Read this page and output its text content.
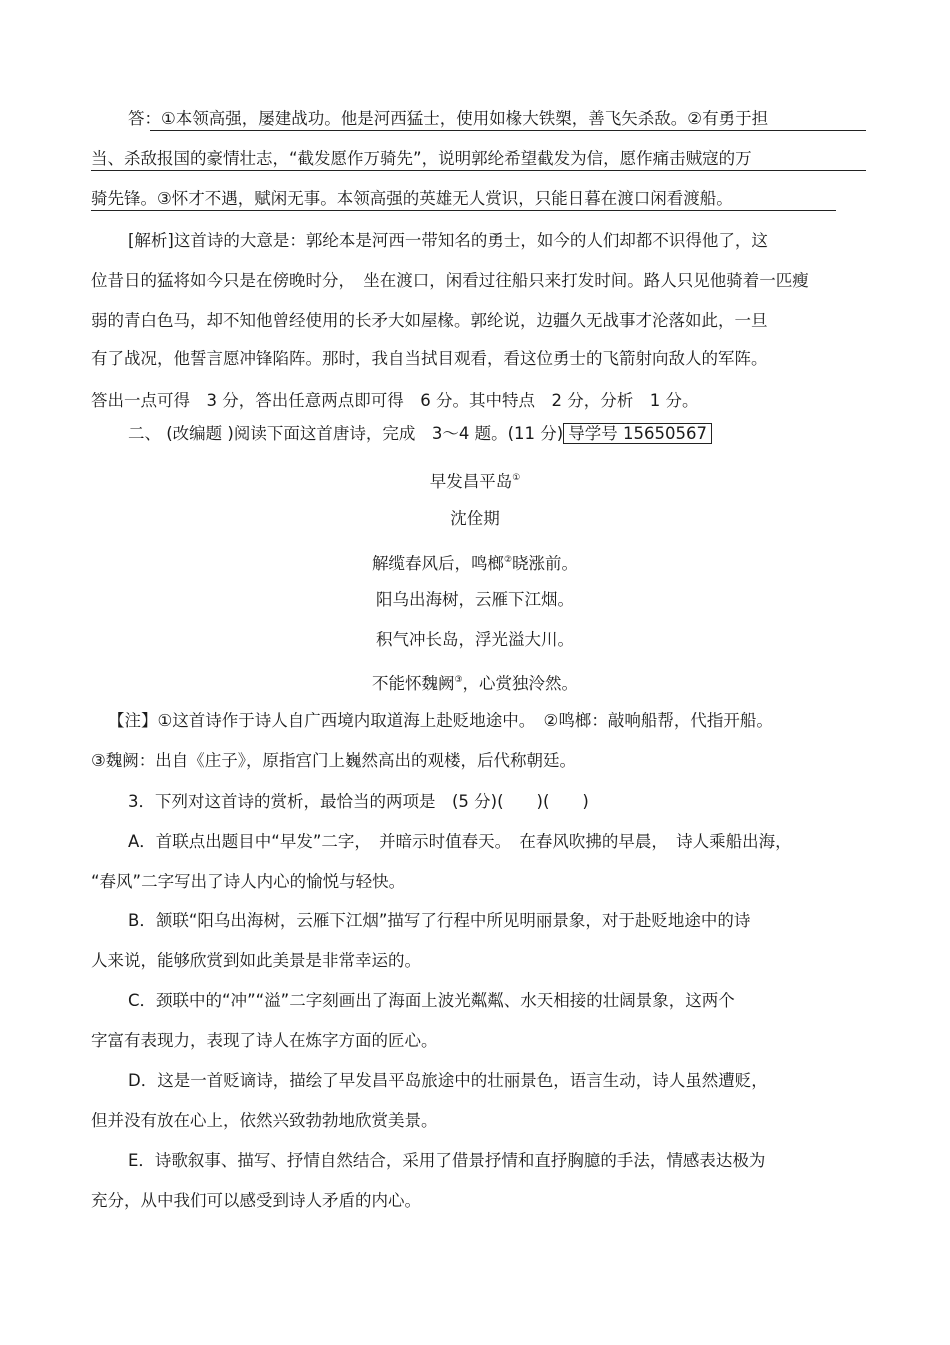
答：①本领高强，屡建战功。他是河西猛士，使用如椽大铁槊，善飞矢杀敌。②有勇于担
当、杀敌报国的豪情壮志，“截发愿作万骑先”，说明郭纶希望截发为信，愿作痛击贼寇的万
骑先锋。③怀才不遇，赋闲无事。本领高强的英雄无人赏识，只能日暮在渡口闲看渡船。
[解析]这首诗的大意是：郭纶本是河西一带知名的勇士，如今的人们却都不识得他了，这
位昔日的猛将如今只是在傍晚时分，　坐在渡口，闲看过往船只来打发时间。路人只见他骑着一匹瘦
弱的青白色马，却不知他曾经使用的长矛大如屋椽。郭纶说，边疆久无战事才沦落如此，一旦
有了战况，他誓言愿冲锋陷阵。那时，我自当拭目观看，看这位勇士的飞箭射向敌人的军阵。
答出一点可得　3 分，答出任意两点即可得　6 分。其中特点　2 分，分析　1 分。
二、 (改编题 )阅读下面这首唐诗，完成　3～4 题。(11 分) 导学号 15650567
早发昌平岛①
沈佺期
解缆春风后，鸣榔②晓涨前。
阳乌出海树，云雁下江烟。
积气冲长岛，浮光溢大川。
不能怀魏阙③，心赏独泠然。
【注】①这首诗作于诗人自广西境内取道海上赴贬地途中。　②鸣榔：敲响船帮，代指开船。
③魏阙：出自《庄子》，原指宫门上巍然高出的观楼，后代称朝廷。
3．下列对这首诗的赏析，最恰当的两项是　(5 分)(　　)(　　)
A．首联点出题目中“早发”二字，　并暗示时值春天。　在春风吹拂的早晨，　诗人乘船出海，
“春风”二字写出了诗人内心的愉悦与轻快。
B．颔联“阳乌出海树，云雁下江烟”描写了行程中所见明丽景象，对于赴贬地途中的诗
人来说，能够欣赏到如此美景是非常幸运的。
C．颈联中的“冲”“溢”二字刻画出了海面上波光粼粼、水天相接的壮阔景象，这两个
字富有表现力，表现了诗人在炼字方面的匠心。
D．这是一首贬谪诗，描绘了早发昌平岛旅途中的壮丽景色，语言生动，诗人虽然遭贬，
但并没有放在心上，依然兴致勃勃地欣赏美景。
E．诗歌叙事、描写、抒情自然结合，采用了借景抒情和直抒胸臆的手法，情感表达极为
充分，从中我们可以感受到诗人矛盾的内心。
